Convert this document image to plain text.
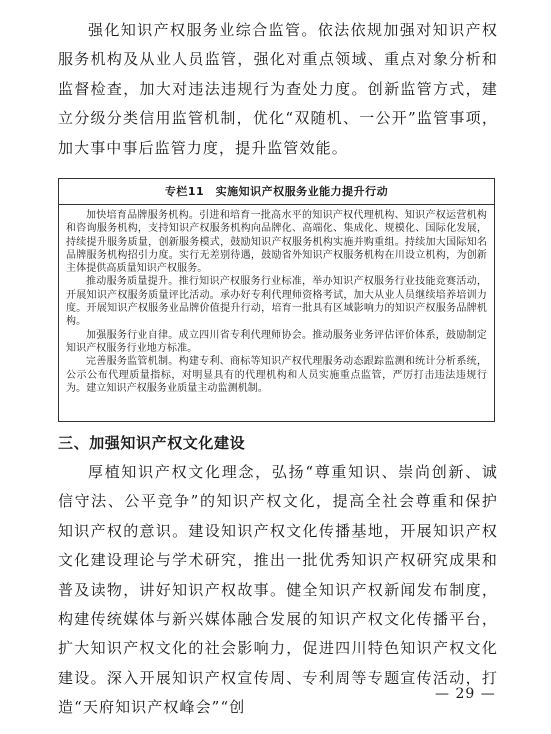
强化知识产权服务业综合监管。依法依规加强对知识产权服务机构及从业人员监管，强化对重点领域、重点对象分析和监督检查，加大对违法违规行为查处力度。创新监管方式，建立分级分类信用监管机制，优化“双随机、一公开”监管事项，加大事中事后监管力度，提升监管效能。

专栏11　实施知识产权服务业能力提升行动

加快培育品牌服务机构。引进和培育一批高水平的知识产权代理机构、知识产权运营机构和咨询服务机构，支持知识产权服务机构向品牌化、高端化、集成化、规模化、国际化发展，持续提升服务质量，创新服务模式，鼓励知识产权服务机构实施并购重组。持续加大国际知名品牌服务机构招引力度。实行无差别待遇，鼓励省外知识产权服务机构在川设立机构，为创新主体提供高质量知识产权服务。

推动服务质量提升。推行知识产权服务行业标准，举办知识产权服务行业技能竞赛活动，开展知识产权服务质量评比活动。承办好专利代理师资格考试，加大从业人员继续培养培训力度。开展知识产权服务业品牌价值提升行动，培育一批具有区域影响力的知识产权服务品牌机构。

加强服务行业自律。成立四川省专利代理师协会。推动服务业务评估评价体系，鼓励制定知识产权服务行业地方标准。

完善服务监管机制。构建专利、商标等知识产权代理服务动态跟踪监测和统计分析系统，公示公布代理质量指标，对明显具有的代理机构和人员实施重点监管，严厉打击违法违规行为。建立知识产权服务业质量主动监测机制。

三、加强知识产权文化建设

厚植知识产权文化理念，弘扬“尊重知识、崇尚创新、诚信守法、公平竞争”的知识产权文化，提高全社会尊重和保护知识产权的意识。建设知识产权文化传播基地，开展知识产权文化建设理论与学术研究，推出一批优秀知识产权研究成果和普及读物，讲好知识产权故事。健全知识产权新闻发布制度，构建传统媒体与新兴媒体融合发展的知识产权文化传播平台，扩大知识产权文化的社会影响力，促进四川特色知识产权文化建设。深入开展知识产权宣传周、专利周等专题宣传活动，打造“天府知识产权峰会”“创

— 29 —
